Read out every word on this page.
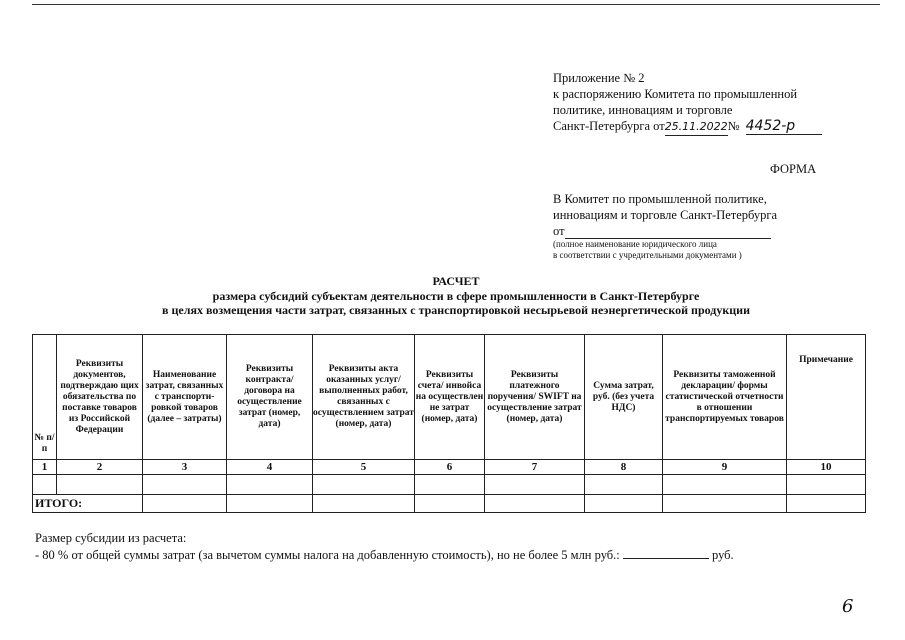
Приложение № 2
к распоряжению Комитета по промышленной
политике, инновациям и торговле
Санкт-Петербурга от25.11.2022№ 4452-р
ФОРМА
В Комитет по промышленной политике,
инновациям и торговле Санкт-Петербурга
от
(полное наименование юридического лица
в соответствии с учредительными документами )
РАСЧЕТ
размера субсидий субъектам деятельности в сфере промышленности в Санкт-Петербурге
в целях возмещения части затрат, связанных с транспортировкой несырьевой неэнергетической продукции
№ п/п	Реквизиты документов, подтверждаю щих обязательства по поставке товаров из Российской Федерации	Наименование затрат, связанных с транспорти- ровкой товаров (далее – затраты)	Реквизиты контракта/ договора на осуществление затрат (номер, дата)	Реквизиты акта оказанных услуг/ выполненных работ, связанных с осуществлением затрат (номер, дата)	Реквизиты счета/ инвойса на осуществлен не затрат (номер, дата)	Реквизиты платежного поручения/ SWIFT на осуществление затрат (номер, дата)	Сумма затрат, руб. (без учета НДС)	Реквизиты таможенной декларации/ формы статистической отчетности в отношении транспортируемых товаров	Примечание
1	2	3	4	5	6	7	8	9	10

ИТОГО:									
Размер субсидии из расчета:
- 80 % от общей суммы затрат (за вычетом суммы налога на добавленную стоимость), но не более 5 млн руб.:	руб.
6
